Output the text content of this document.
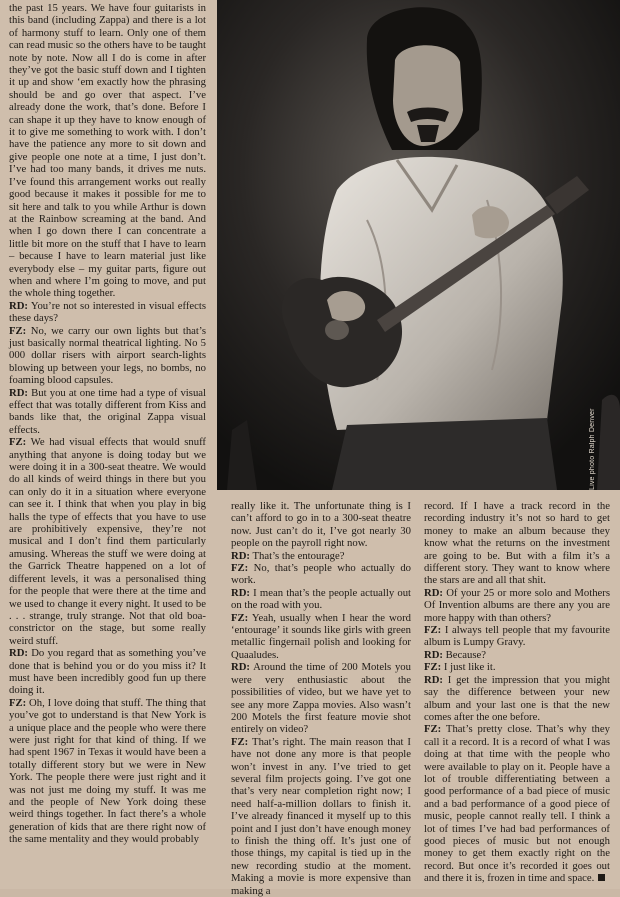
Live photo Ralph Denver

the past 15 years. We have four guitarists in this band (including Zappa) and there is a lot of harmony stuff to learn. Only one of them can read music so the others have to be taught note by note. Now all I do is come in after they’ve got the basic stuff down and I tighten it up and show ‘em exactly how the phrasing should be and go over that aspect. I’ve already done the work, that’s done. Before I can shape it up they have to know enough of it to give me something to work with. I don’t have the patience any more to sit down and give people one note at a time, I just don’t. I’ve had too many bands, it drives me nuts. I’ve found this arrangement works out really good because it makes it possible for me to sit here and talk to you while Arthur is down at the Rainbow screaming at the band. And when I go down there I can concentrate a little bit more on the stuff that I have to learn – because I have to learn material just like everybody else – my guitar parts, figure out when and where I’m going to move, and put the whole thing together.

RD: You’re not so interested in visual effects these days?

FZ: No, we carry our own lights but that’s just basically normal theatrical lighting. No 5 000 dollar risers with airport search-lights blowing up between your legs, no bombs, no foaming blood capsules.

RD: But you at one time had a type of visual effect that was totally different from Kiss and bands like that, the original Zappa visual effects.

FZ: We had visual effects that would snuff anything that anyone is doing today but we were doing it in a 300-seat theatre. We would do all kinds of weird things in there but you can only do it in a situation where everyone can see it. I think that when you play in big halls the type of effects that you have to use are prohibitively expensive, they’re not musical and I don’t find them particularly amusing. Whereas the stuff we were doing at the Garrick Theatre happened on a lot of different levels, it was a personalised thing for the people that were there at the time and we used to change it every night. It used to be . . . strange, truly strange. Not that old boa-constrictor on the stage, but some really weird stuff.

RD: Do you regard that as something you’ve done that is behind you or do you miss it? It must have been incredibly good fun up there doing it.

FZ: Oh, I love doing that stuff. The thing that you’ve got to understand is that New York is a unique place and the people who were there were just right for that kind of thing. If we had spent 1967 in Texas it would have been a totally different story but we were in New York. The people there were just right and it was not just me doing my stuff. It was me and the people of New York doing these weird things together. In fact there’s a whole generation of kids that are there right now of the same mentality and they would probably

really like it. The unfortunate thing is I can’t afford to go in to a 300-seat theatre now. Just can’t do it, I’ve got nearly 30 people on the payroll right now.

RD: That’s the entourage?

FZ: No, that’s people who actually do work.

RD: I mean that’s the people actually out on the road with you.

FZ: Yeah, usually when I hear the word ‘entourage’ it sounds like girls with green metallic fingernail polish and looking for Quaaludes.

RD: Around the time of 200 Motels you were very enthusiastic about the possibilities of video, but we have yet to see any more Zappa movies. Also wasn’t 200 Motels the first feature movie shot entirely on video?

FZ: That’s right. The main reason that I have not done any more is that people won’t invest in any. I’ve tried to get several film projects going. I’ve got one that’s very near completion right now; I need half-a-million dollars to finish it. I’ve already financed it myself up to this point and I just don’t have enough money to finish the thing off. It’s just one of those things, my capital is tied up in the new recording studio at the moment. Making a movie is more expensive than making a

record. If I have a track record in the recording industry it’s not so hard to get money to make an album because they know what the returns on the investment are going to be. But with a film it’s a different story. They want to know where the stars are and all that shit.

RD: Of your 25 or more solo and Mothers Of Invention albums are there any you are more happy with than others?

FZ: I always tell people that my favourite album is Lumpy Gravy.

RD: Because?

FZ: I just like it.

RD: I get the impression that you might say the difference between your new album and your last one is that the new comes after the one before.

FZ: That’s pretty close. That’s why they call it a record. It is a record of what I was doing at that time with the people who were available to play on it. People have a lot of trouble differentiating between a good performance of a bad piece of music and a bad performance of a good piece of music, people cannot really tell. I think a lot of times I’ve had bad performances of good pieces of music but not enough money to get them exactly right on the record. But once it’s recorded it goes out and there it is, frozen in time and space.
